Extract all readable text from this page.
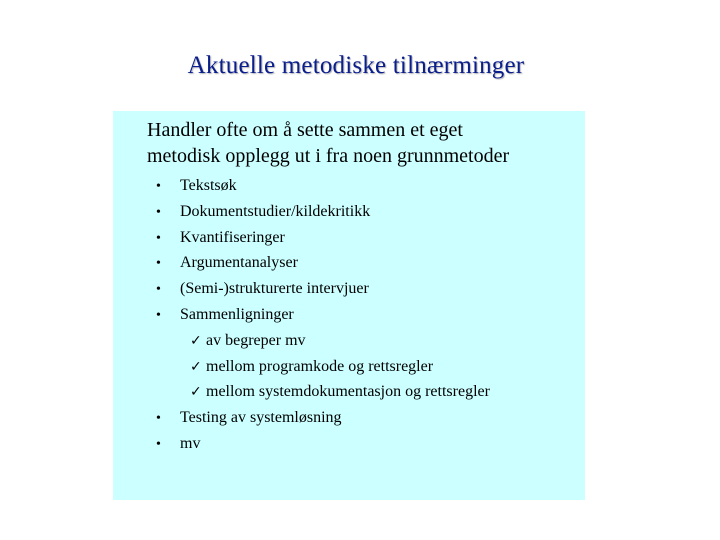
Aktuelle metodiske tilnærminger
Handler ofte om å sette sammen et eget
metodisk opplegg ut i fra noen grunnmetoder
• Tekstsøk
• Dokumentstudier/kildekritikk
• Kvantifiseringer
• Argumentanalyser
• (Semi-)strukturerte intervjuer
• Sammenligninger
✓ av begreper mv
✓ mellom programkode og rettsregler
✓ mellom systemdokumentasjon og rettsregler
• Testing av systemløsning
• mv
